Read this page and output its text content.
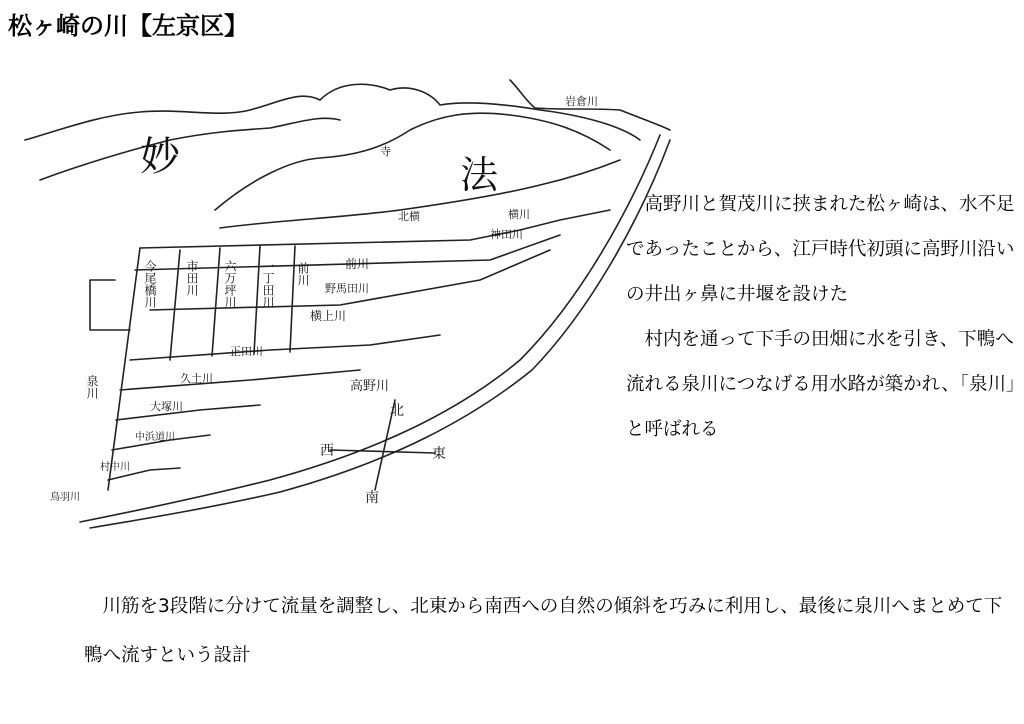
松ヶ崎の川【左京区】
妙	法
北
東
西
南
岩倉川
高野川
寺
北横	横川
神田川
前川
野馬田川
横上川
正田川
久土川
大塚川
中浜道川
村中川
鳥羽川
今尾橋川 市田川 六万坪川 一丁田川 前川
泉川

高野川と賀茂川に挟まれた松ヶ崎は、水不足であったことから、江戸時代初頭に高野川沿いの井出ヶ鼻に井堰を設けた

村内を通って下手の田畑に水を引き、下鴨へ流れる泉川につなげる用水路が築かれ、「泉川」と呼ばれる

川筋を3段階に分けて流量を調整し、北東から南西への自然の傾斜を巧みに利用し、最後に泉川へまとめて下鴨へ流すという設計
